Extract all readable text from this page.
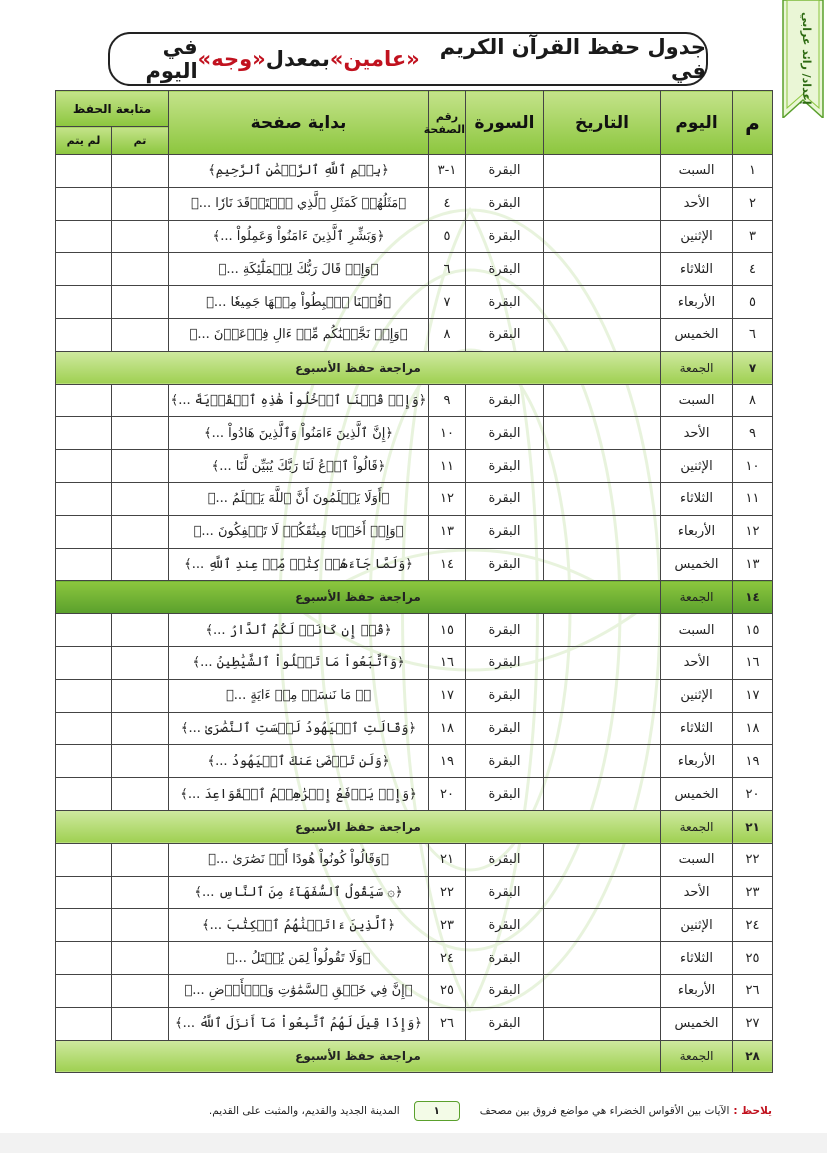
إعداد/ رائد عرابي
جدول حفظ القرآن الكريم في
«عامين»
بمعدل
«وجه»
في اليوم
م	اليوم	التاريخ	السورة	رقم الصفحة	بداية صفحة	متابعة الحفظ	
						تم	لم يتم
١	السبت		البقرة	١-٣	﴿بِسۡمِ ٱللَّهِ ٱلرَّحۡمَٰنِ ٱلرَّحِيمِ﴾		
٢	الأحد		البقرة	٤	﴿مَثَلُهُمۡ كَمَثَلِ ٱلَّذِي ٱسۡتَوۡقَدَ نَارٗا ...﴾		
٣	الإثنين		البقرة	٥	﴿وَبَشِّرِ ٱلَّذِينَ ءَامَنُواْ وَعَمِلُواْ ...﴾		
٤	الثلاثاء		البقرة	٦	﴿وَإِذۡ قَالَ رَبُّكَ لِلۡمَلَٰٓئِكَةِ ...﴾		
٥	الأربعاء		البقرة	٧	﴿قُلۡنَا ٱهۡبِطُواْ مِنۡهَا جَمِيعٗا ...﴾		
٦	الخميس		البقرة	٨	﴿وَإِذۡ نَجَّيۡنَٰكُم مِّنۡ ءَالِ فِرۡعَوۡنَ ...﴾		
٧	الجمعة	مراجعة حفظ الأسبوع					
٨	السبت		البقرة	٩	﴿وَإِذۡ قُلۡنَا ٱدۡخُلُواْ هَٰذِهِ ٱلۡقَرۡيَةَ ...﴾		
٩	الأحد		البقرة	١٠	﴿إِنَّ ٱلَّذِينَ ءَامَنُواْ وَٱلَّذِينَ هَادُواْ ...﴾		
١٠	الإثنين		البقرة	١١	﴿قَالُواْ ٱدۡعُ لَنَا رَبَّكَ يُبَيِّن لَّنَا ...﴾		
١١	الثلاثاء		البقرة	١٢	﴿أَوَلَا يَعۡلَمُونَ أَنَّ ٱللَّهَ يَعۡلَمُ ...﴾		
١٢	الأربعاء		البقرة	١٣	﴿وَإِذۡ أَخَذۡنَا مِيثَٰقَكُمۡ لَا تَسۡفِكُونَ ...﴾		
١٣	الخميس		البقرة	١٤	﴿وَلَمَّا جَآءَهُمۡ كِتَٰبٞ مِّنۡ عِندِ ٱللَّهِ ...﴾		
١٤	الجمعة	مراجعة حفظ الأسبوع					
١٥	السبت		البقرة	١٥	﴿قُلۡ إِن كَانَتۡ لَكُمُ ٱلدَّارُ ...﴾		
١٦	الأحد		البقرة	١٦	﴿وَٱتَّبَعُواْ مَا تَتۡلُواْ ٱلشَّيَٰطِينُ ...﴾		
١٧	الإثنين		البقرة	١٧	﴿۞ مَا نَنسَخۡ مِنۡ ءَايَةٍ ...﴾		
١٨	الثلاثاء		البقرة	١٨	﴿وَقَالَتِ ٱلۡيَهُودُ لَيۡسَتِ ٱلنَّصَٰرَىٰ ...﴾		
١٩	الأربعاء		البقرة	١٩	﴿وَلَن تَرۡضَىٰ عَنكَ ٱلۡيَهُودُ ...﴾		
٢٠	الخميس		البقرة	٢٠	﴿وَإِذۡ يَرۡفَعُ إِبۡرَٰهِـۧمُ ٱلۡقَوَاعِدَ ...﴾		
٢١	الجمعة	مراجعة حفظ الأسبوع					
٢٢	السبت		البقرة	٢١	﴿وَقَالُواْ كُونُواْ هُودًا أَوۡ نَصَٰرَىٰ ...﴾		
٢٣	الأحد		البقرة	٢٢	﴿۞ سَيَقُولُ ٱلسُّفَهَآءُ مِنَ ٱلنَّاسِ ...﴾		
٢٤	الإثنين		البقرة	٢٣	﴿ٱلَّذِينَ ءَاتَيۡنَٰهُمُ ٱلۡكِتَٰبَ ...﴾		
٢٥	الثلاثاء		البقرة	٢٤	﴿وَلَا تَقُولُواْ لِمَن يُقۡتَلُ ...﴾		
٢٦	الأربعاء		البقرة	٢٥	﴿إِنَّ فِي خَلۡقِ ٱلسَّمَٰوَٰتِ وَٱلۡأَرۡضِ ...﴾		
٢٧	الخميس		البقرة	٢٦	﴿وَإِذَا قِيلَ لَهُمُ ٱتَّبِعُواْ مَآ أَنزَلَ ٱللَّهُ ...﴾		
٢٨	الجمعة	مراجعة حفظ الأسبوع					
يلاحظ :
الآيات بين الأقواس الخضراء هي مواضع فروق بين مصحف
١
المدينة الجديد والقديم، والمثبت على القديم.
